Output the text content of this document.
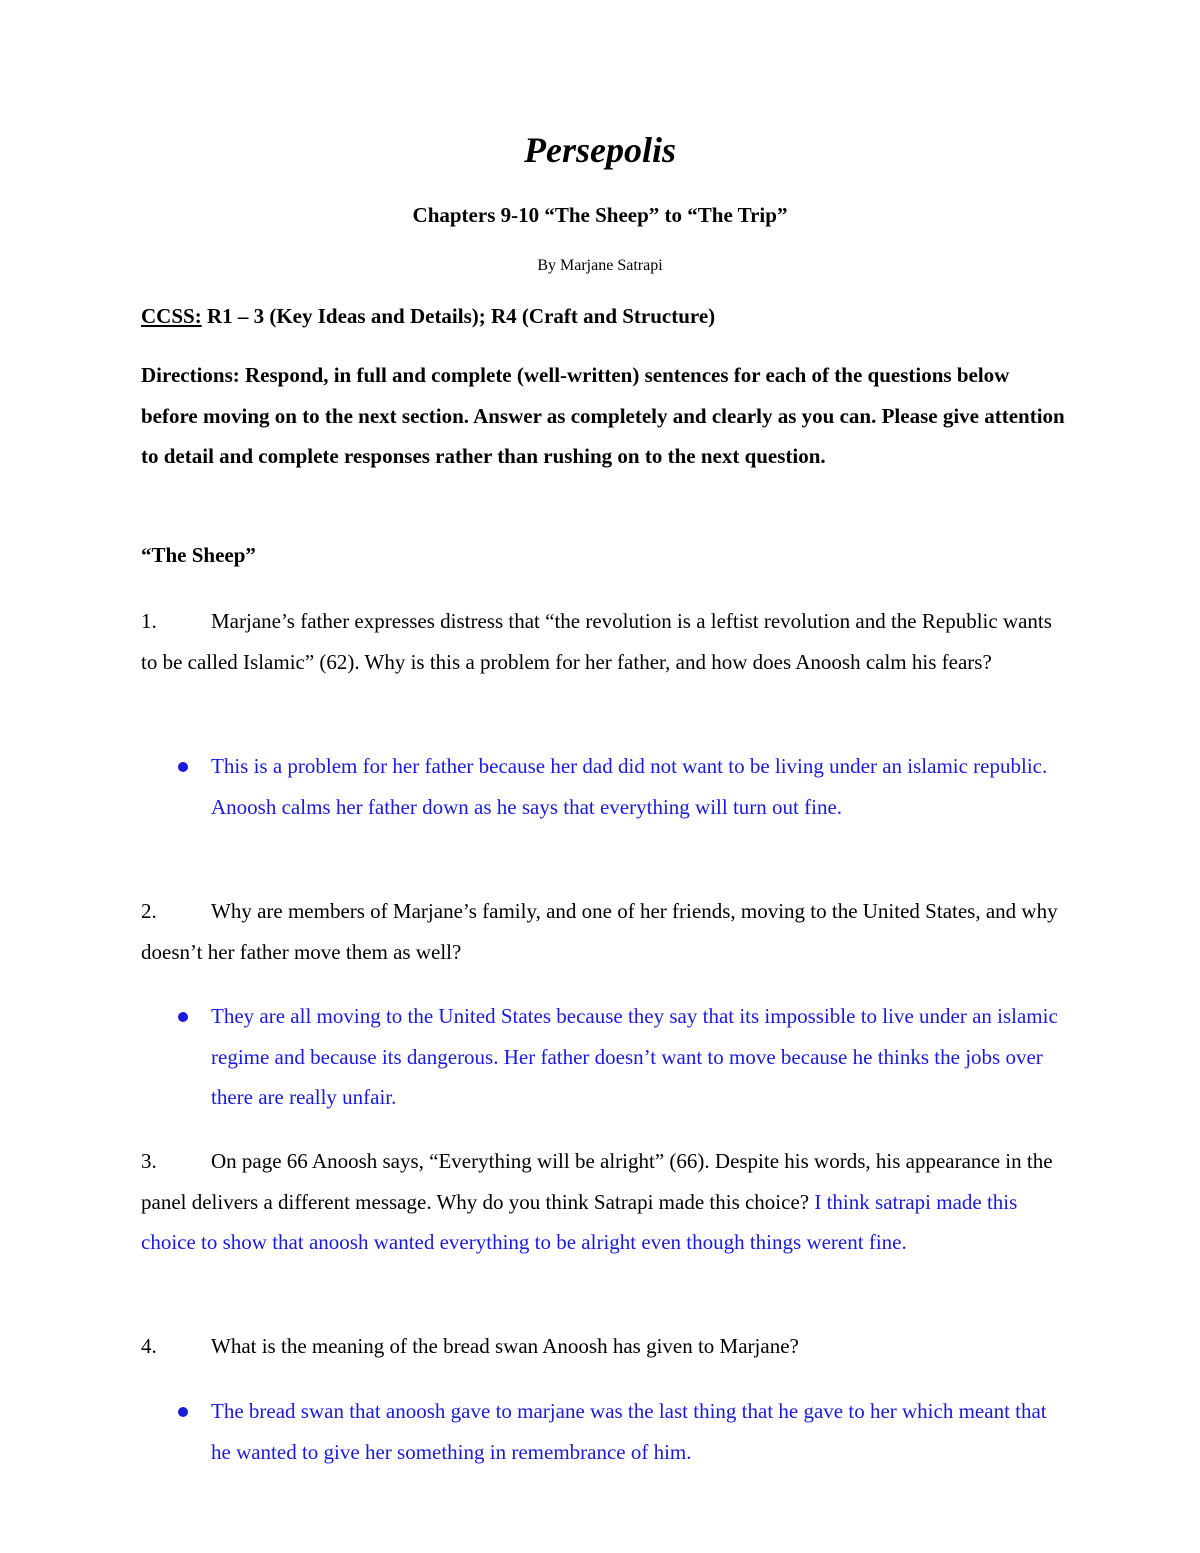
Persepolis
Chapters 9-10 “The Sheep” to “The Trip”
By Marjane Satrapi
CCSS: R1 – 3 (Key Ideas and Details); R4 (Craft and Structure)
Directions: Respond, in full and complete (well-written) sentences for each of the questions below before moving on to the next section. Answer as completely and clearly as you can. Please give attention to detail and complete responses rather than rushing on to the next question.
“The Sheep”
1.	Marjane’s father expresses distress that “the revolution is a leftist revolution and the Republic wants to be called Islamic” (62). Why is this a problem for her father, and how does Anoosh calm his fears?
This is a problem for her father because her dad did not want to be living under an islamic republic. Anoosh calms her father down as he says that everything will turn out fine.
2.	Why are members of Marjane’s family, and one of her friends, moving to the United States, and why doesn’t her father move them as well?
They are all moving to the United States because they say that its impossible to live under an islamic regime and because its dangerous. Her father doesn’t want to move because he thinks the jobs over there are really unfair.
3.	On page 66 Anoosh says, “Everything will be alright” (66). Despite his words, his appearance in the panel delivers a different message. Why do you think Satrapi made this choice? I think satrapi made this choice to show that anoosh wanted everything to be alright even though things werent fine.
4.	What is the meaning of the bread swan Anoosh has given to Marjane?
The bread swan that anoosh gave to marjane was the last thing that he gave to her which meant that he wanted to give her something in remembrance of him.
